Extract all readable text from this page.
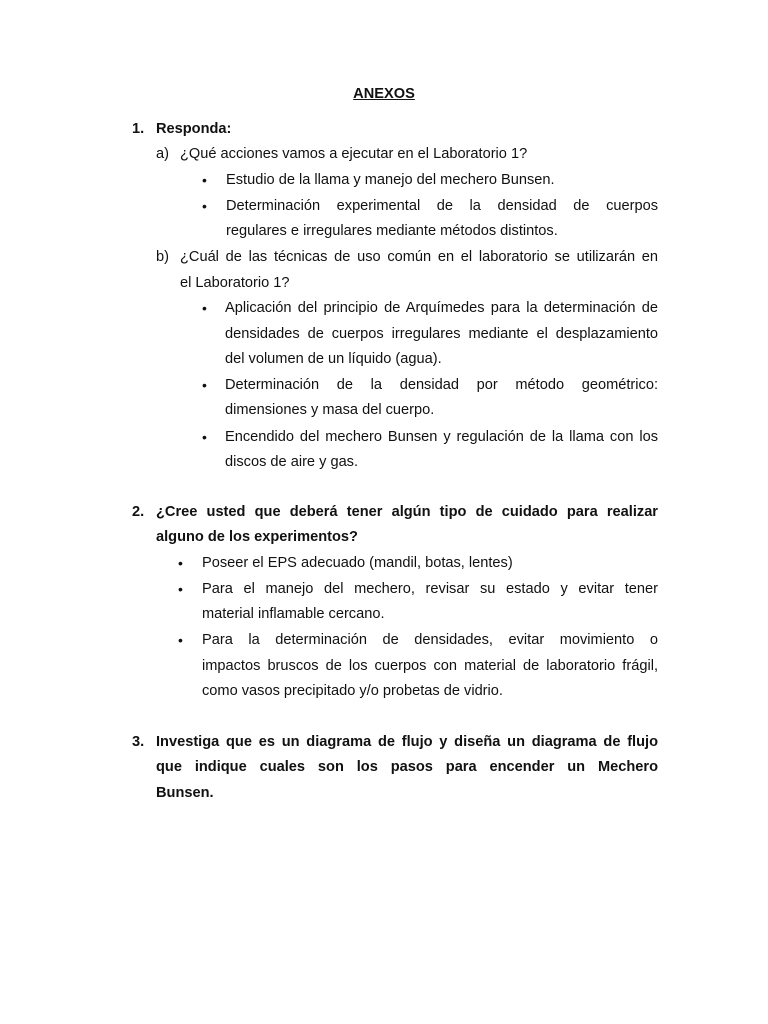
ANEXOS
1. Responda:
a) ¿Qué acciones vamos a ejecutar en el Laboratorio 1?
• Estudio de la llama y manejo del mechero Bunsen.
• Determinación experimental de la densidad de cuerpos
regulares e irregulares mediante métodos distintos.
b) ¿Cuál de las técnicas de uso común en el laboratorio se utilizarán en
el Laboratorio 1?
• Aplicación del principio de Arquímedes para la determinación de
densidades de cuerpos irregulares mediante el desplazamiento
del volumen de un líquido (agua).
• Determinación de la densidad por método geométrico:
dimensiones y masa del cuerpo.
• Encendido del mechero Bunsen y regulación de la llama con los
discos de aire y gas.
2. ¿Cree usted que deberá tener algún tipo de cuidado para realizar
alguno de los experimentos?
• Poseer el EPS adecuado (mandil, botas, lentes)
• Para el manejo del mechero, revisar su estado y evitar tener
material inflamable cercano.
• Para la determinación de densidades, evitar movimiento o
impactos bruscos de los cuerpos con material de laboratorio frágil,
como vasos precipitado y/o probetas de vidrio.
3. Investiga que es un diagrama de flujo y diseña un diagrama de flujo
que indique cuales son los pasos para encender un Mechero
Bunsen.
